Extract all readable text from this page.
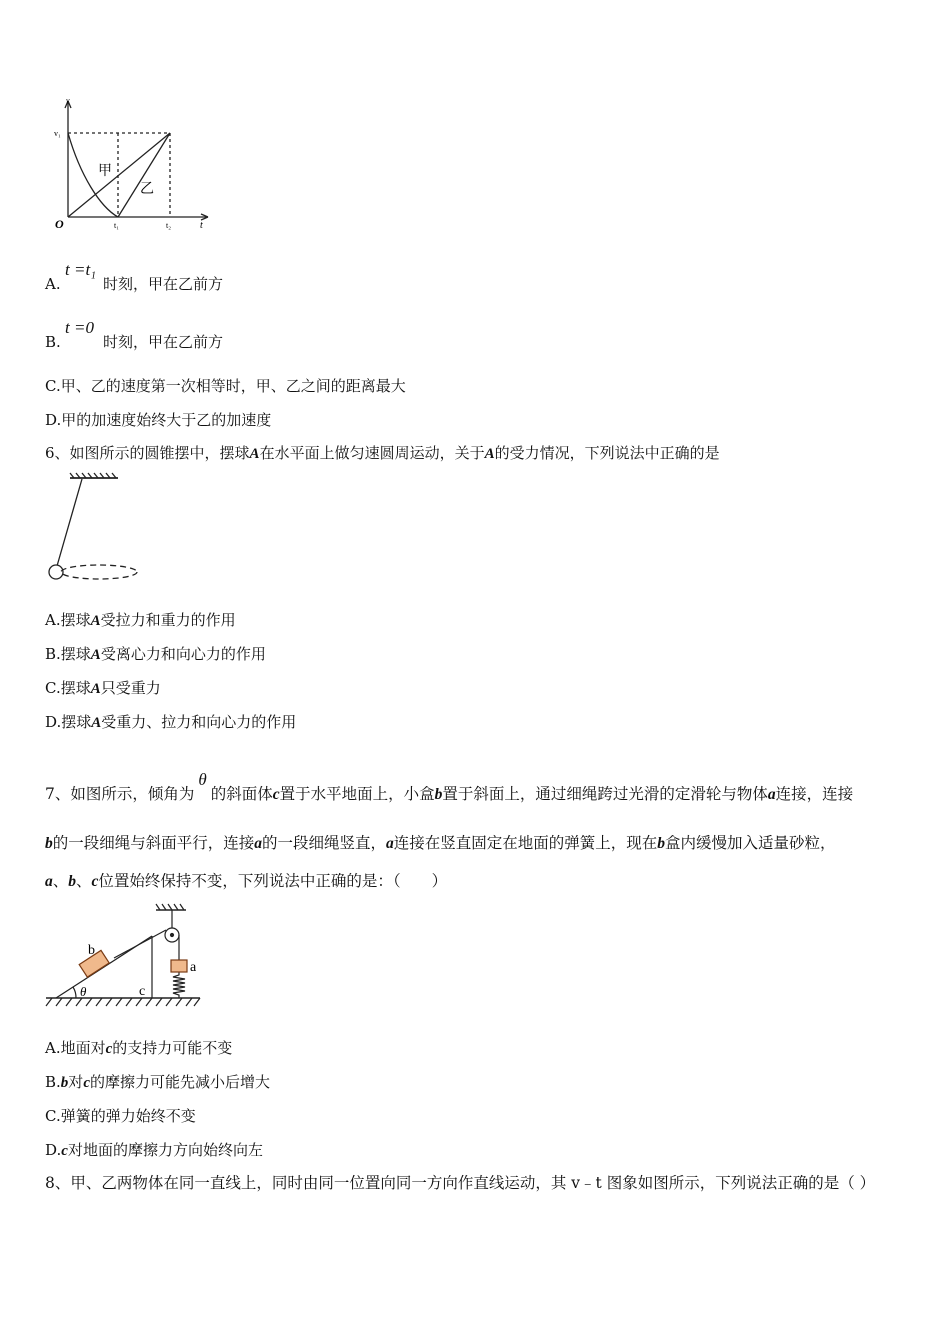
v
v₁
O	t
t₁	t₂
甲
乙
A.
t =t₁
时刻，甲在乙前方
B.
t =0
时刻，甲在乙前方
C.甲、乙的速度第一次相等时，甲、乙之间的距离最大
D.甲的加速度始终大于乙的加速度
6、如图所示的圆锥摆中，摆球A在水平面上做匀速圆周运动，关于A的受力情况，下列说法中正确的是
A.摆球A受拉力和重力的作用
B.摆球A受离心力和向心力的作用
C.摆球A只受重力
D.摆球A受重力、拉力和向心力的作用
7、如图所示，倾角为θ的斜面体c置于水平地面上，小盒b置于斜面上，通过细绳跨过光滑的定滑轮与物体a连接，连接
b的一段细绳与斜面平行，连接a的一段细绳竖直，a连接在竖直固定在地面的弹簧上，现在b盒内缓慢加入适量砂粒，
a、b、c位置始终保持不变，下列说法中正确的是：（　　）
b
a
c
θ
A.地面对c的支持力可能不变
B.b对c的摩擦力可能先减小后增大
C.弹簧的弹力始终不变
D.c对地面的摩擦力方向始终向左
8、甲、乙两物体在同一直线上，同时由同一位置向同一方向作直线运动，其 v﹣t 图象如图所示，下列说法正确的是（ ）
